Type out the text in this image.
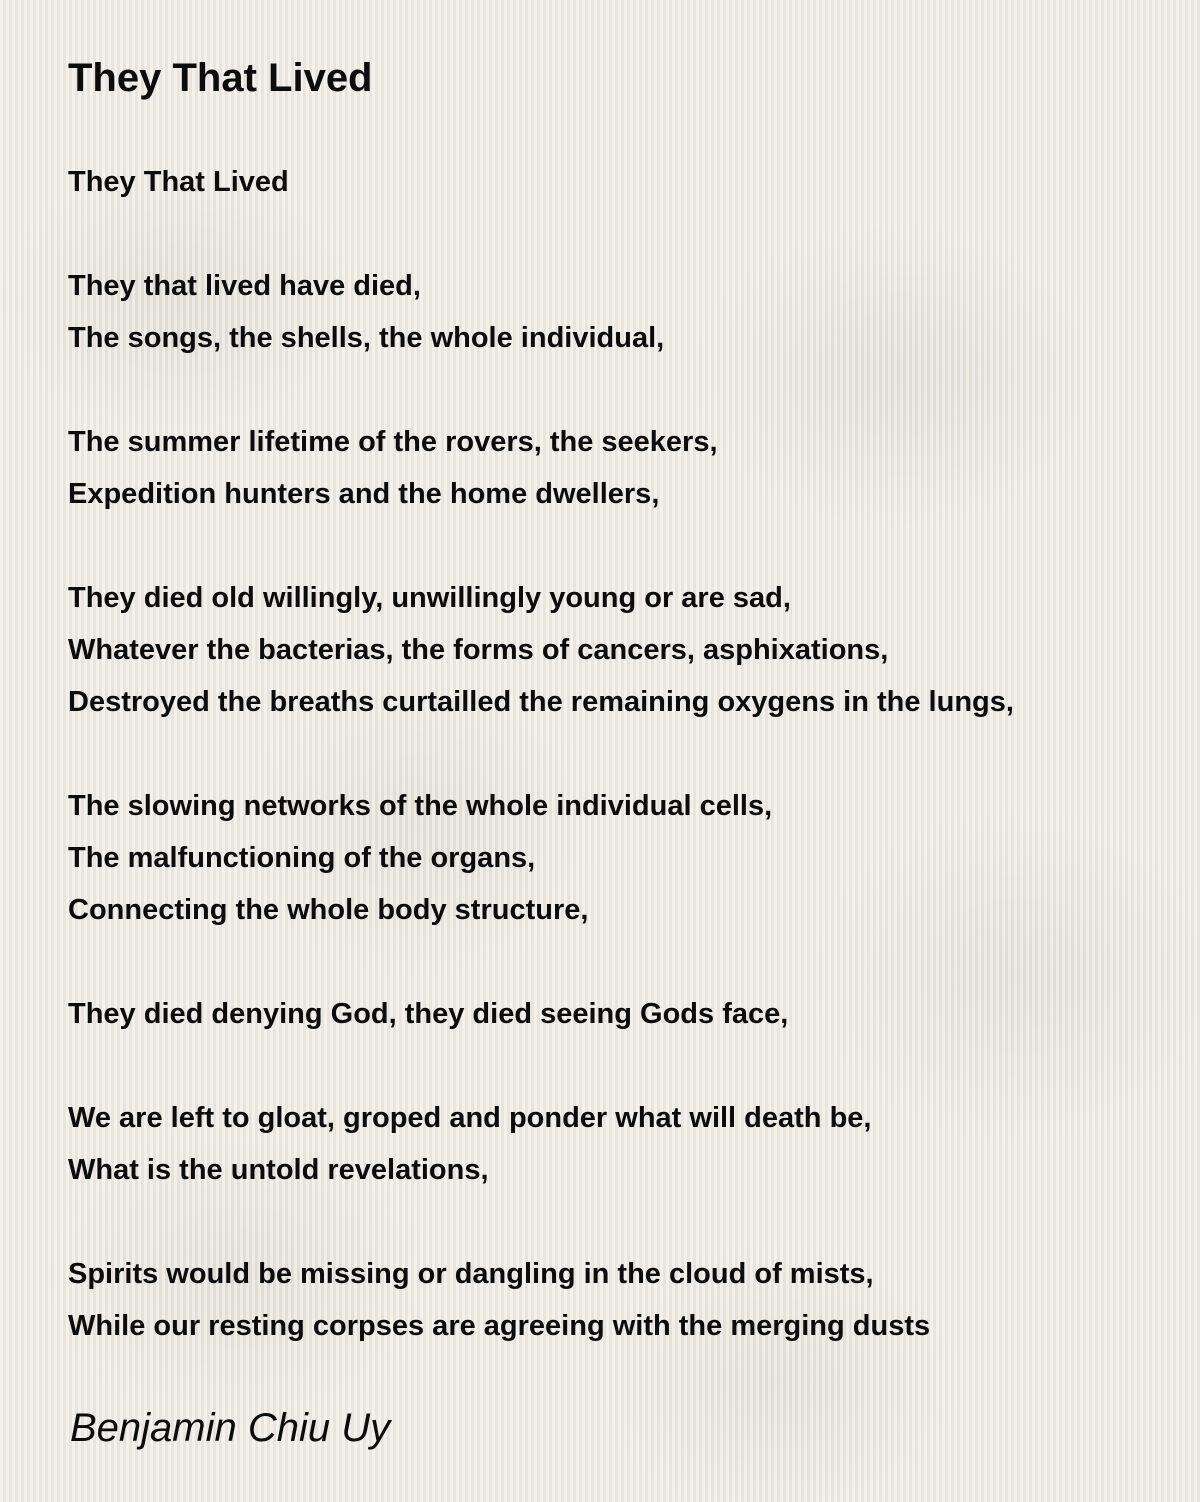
They That Lived
They That Lived
They that lived have died,
The songs, the shells, the whole individual,
The summer lifetime of the rovers, the seekers,
Expedition hunters and the home dwellers,
They died old willingly, unwillingly young or are sad,
Whatever the bacterias, the forms of cancers, asphixations,
Destroyed the breaths curtailled the remaining oxygens in the lungs,
The slowing networks of the whole individual cells,
The malfunctioning of the organs,
Connecting the whole body structure,
They died denying God, they died seeing Gods face,
We are left to gloat, groped and ponder what will death be,
What is the untold revelations,
Spirits would be missing or dangling in the cloud of mists,
While our resting corpses are agreeing with the merging dusts
Benjamin Chiu Uy
